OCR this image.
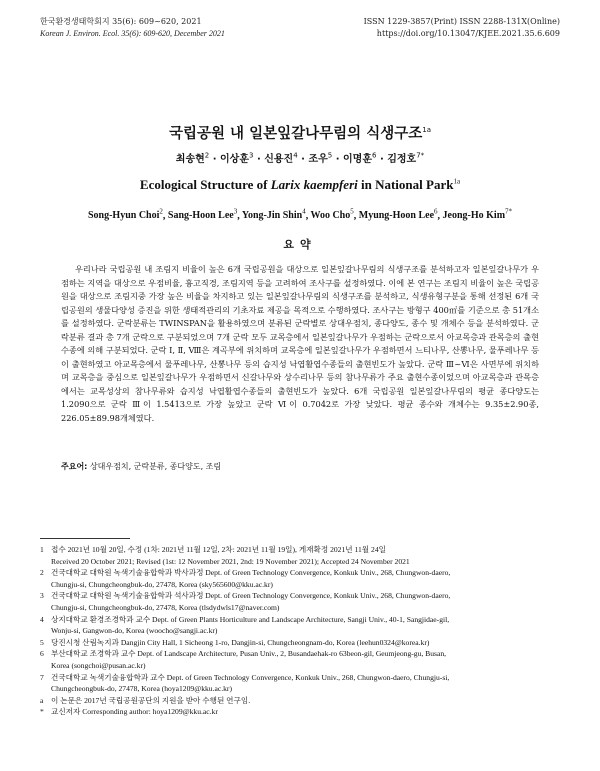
한국환경생태학회지 35(6): 609~620, 2021
Korean J. Environ. Ecol. 35(6): 609-620, December 2021
ISSN 1229-3857(Print) ISSN 2288-131X(Online)
https://doi.org/10.13047/KJEE.2021.35.6.609
국립공원 내 일본잎갈나무림의 식생구조$^{1a}$
최송현$^2$ · 이상훈$^3$ · 신용진$^4$ · 조우$^5$ · 이명훈$^6$ · 김정호$^{7*}$
Ecological Structure of Larix kaempferi in National Park$^{1a}$
Song-Hyun Choi$^2$, Sang-Hoon Lee$^3$, Yong-Jin Shin$^4$, Woo Cho$^5$, Myung-Hoon Lee$^6$, Jeong-Ho Kim$^{7*}$
요약
우리나라 국립공원 내 조림지 비율이 높은 6개 국립공원을 대상으로 일본잎갈나무림의 식생구조를 분석하고자 일본잎갈나무가 우점하는 지역을 대상으로 우점비율, 흉고직경, 조림지역 등을 고려하여 조사구를 설정하였다. 이에 본 연구는 조림지 비율이 높은 국립공원을 대상으로 조림지중 가장 높은 비율을 차지하고 있는 일본잎갈나무림의 식생구조를 분석하고, 식생유형구분을 통해 선정된 6개 국립공원의 생물다양성 증진을 위한 생태적관리의 기초자료 제공을 목적으로 수행하였다. 조사구는 방형구 400㎡를 기준으로 총 51개소를 설정하였다. 군락분류는 TWINSPAN을 활용하였으며 분류된 군락별로 상대우점치, 종다양도, 종수 및 개체수 등을 분석하였다. 군락분류 결과 총 7개 군락으로 구분되었으며 7개 군락 모두 교목층에서 일본잎갈나무가 우점하는 군락으로서 아교목층과 관목층의 출현수종에 의해 구분되었다. 군락 Ⅰ, Ⅱ, Ⅷ은 계곡부에 위치하며 교목층에 일본잎갈나무가 우점하면서 느티나무, 산뽕나무, 물푸레나무 등이 출현하였고 아교목층에서 물푸레나무, 산뽕나무 등의 습지성 낙엽활엽수종들의 출현빈도가 높았다. 군락 Ⅲ~Ⅵ은 사면부에 위치하며 교목층을 중심으로 일본잎갈나무가 우점하면서 신갈나무와 상수리나무 등의 참나무류가 주요 출현수종이었으며 아교목층과 관목층에서는 교목성상의 참나무류와 습지성 낙엽활엽수종들의 출현빈도가 높았다. 6개 국립공원 일본잎갈나무림의 평균 종다양도는 1.2090으로 군락 Ⅲ이 1.5413으로 가장 높았고 군락 Ⅵ이 0.7042로 가장 낮았다. 평균 종수와 개체수는 9.35±2.90종, 226.05±89.98개체였다.
주요어: 상대우점치, 군락분류, 종다양도, 조림
1 접수 2021년 10월 20일, 수정 (1차: 2021년 11월 12일, 2차: 2021년 11월 19일), 게재확정 2021년 11월 24일
Received 20 October 2021; Revised (1st: 12 November 2021, 2nd: 19 November 2021); Accepted 24 November 2021
2 건국대학교 대학원 녹색기술융합학과 박사과정 Dept. of Green Technology Convergence, Konkuk Univ., 268, Chungwon-daero,
Chungju-si, Chungcheongbuk-do, 27478, Korea (sky565600@kku.ac.kr)
3 건국대학교 대학원 녹색기술융합학과 석사과정 Dept. of Green Technology Convergence, Konkuk Univ., 268, Chungwon-daero,
Chungju-si, Chungcheongbuk-do, 27478, Korea (tlsdydwls17@naver.com)
4 상지대학교 환경조경학과 교수 Dept. of Green Plants Horticulture and Landscape Architecture, Sangji Univ., 40-1, Sangjidae-gil,
Wonju-si, Gangwon-do, Korea (woocho@sangji.ac.kr)
5 당진시청 산림녹지과 Dangjin City Hall, 1 Sicheong 1-ro, Dangjin-si, Chungcheongnam-do, Korea (leehun0324@korea.kr)
6 부산대학교 조경학과 교수 Dept. of Landscape Architecture, Pusan Univ., 2, Busandaehak-ro 63beon-gil, Geumjeong-gu, Busan,
Korea (songchoi@pusan.ac.kr)
7 건국대학교 녹색기술융합학과 교수 Dept. of Green Technology Convergence, Konkuk Univ., 268, Chungwon-daero, Chungju-si,
Chungcheongbuk-do, 27478, Korea (hoya1209@kku.ac.kr)
a 이 논문은 2017년 국립공원공단의 지원을 받아 수행된 연구임.
* 교신저자 Corresponding author: hoya1209@kku.ac.kr
